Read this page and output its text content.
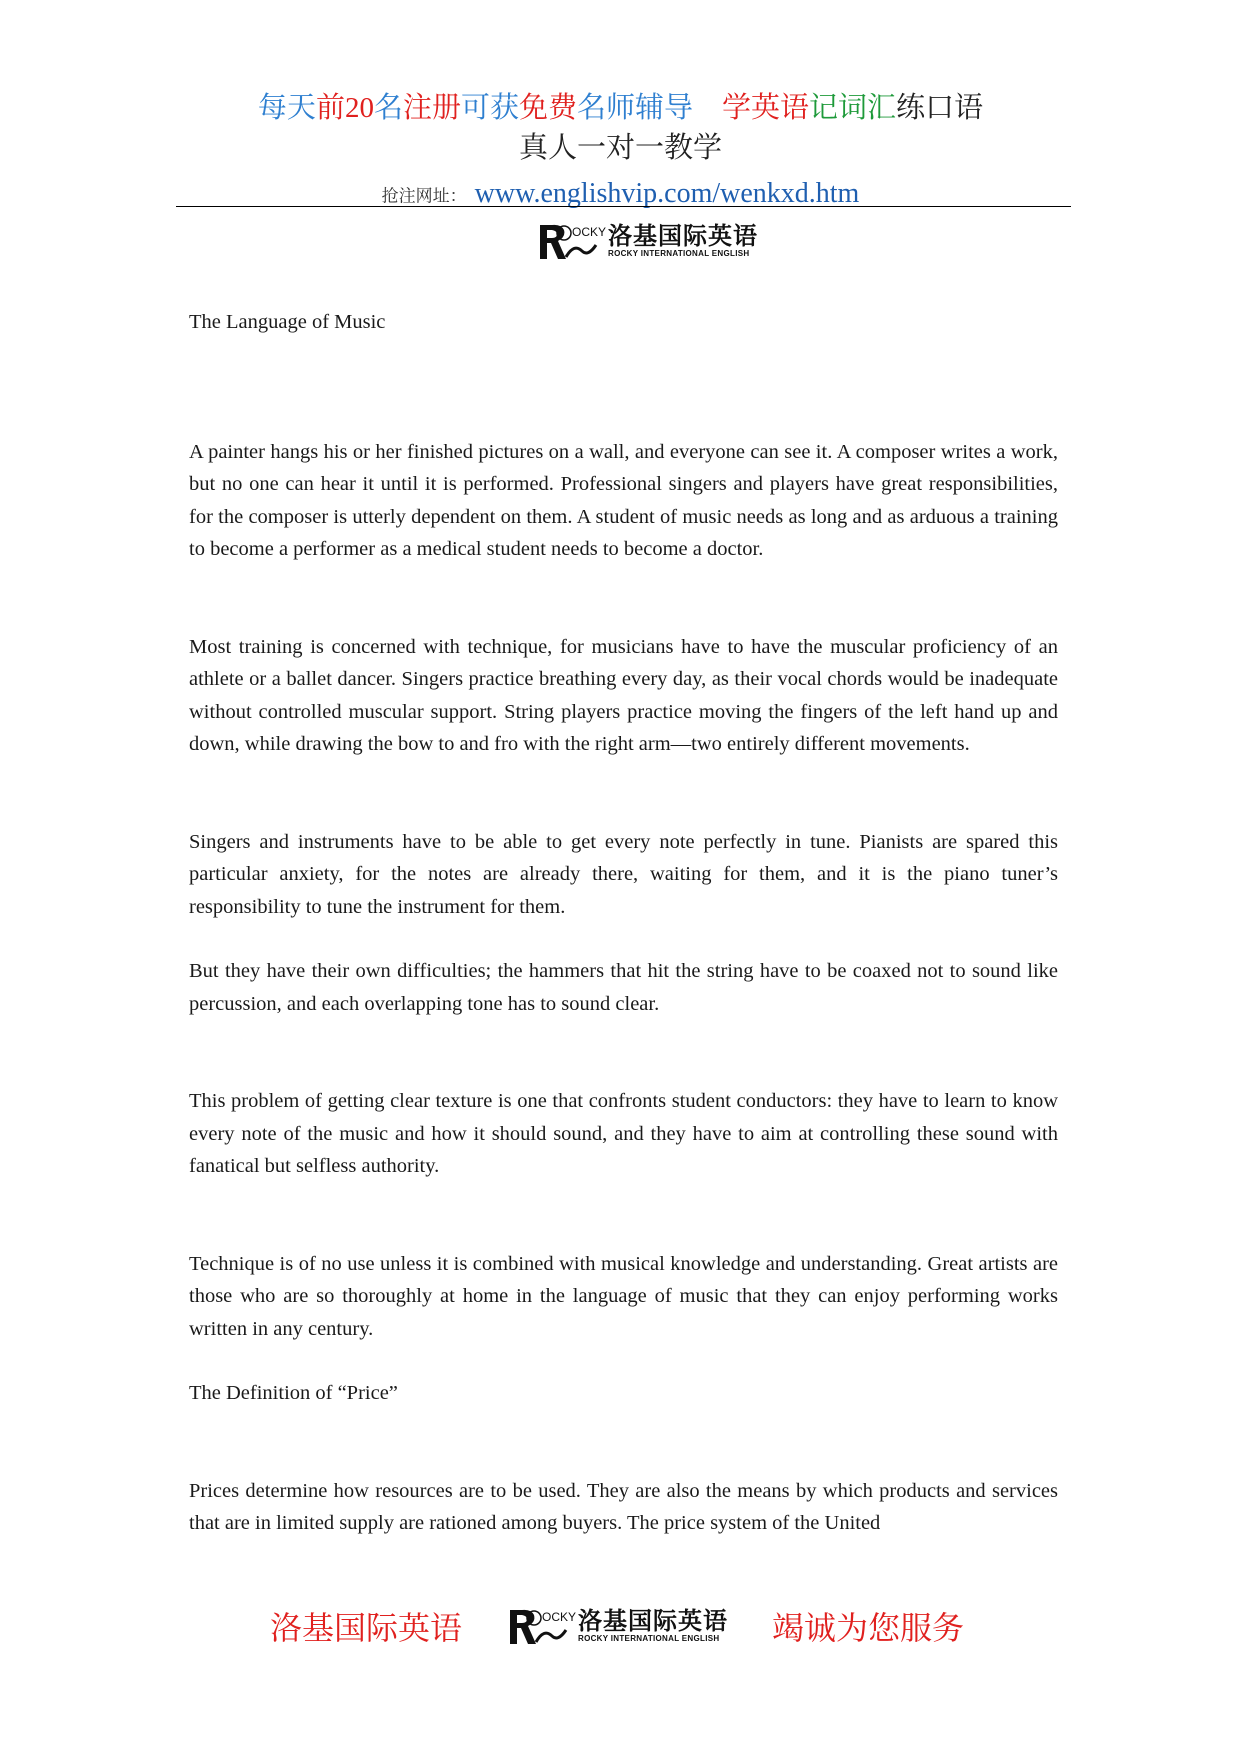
每天前20名注册可获免费名师辅导　学英语记词汇练口语
真人一对一教学
抢注网址： www.englishvip.com/wenkxd.htm
OCKY 洛基国际英语
ROCKY INTERNATIONAL ENGLISH

The Language of Music

A painter hangs his or her finished pictures on a wall, and everyone can see it. A composer writes a work, but no one can hear it until it is performed. Professional singers and players have great responsibilities, for the composer is utterly dependent on them. A student of music needs as long and as arduous a training to become a performer as a medical student needs to become a doctor.

Most training is concerned with technique, for musicians have to have the muscular proficiency of an athlete or a ballet dancer. Singers practice breathing every day, as their vocal chords would be inadequate without controlled muscular support. String players practice moving the fingers of the left hand up and down, while drawing the bow to and fro with the right arm—two entirely different movements.

Singers and instruments have to be able to get every note perfectly in tune. Pianists are spared this particular anxiety, for the notes are already there, waiting for them, and it is the piano tuner’s responsibility to tune the instrument for them.

But they have their own difficulties; the hammers that hit the string have to be coaxed not to sound like percussion, and each overlapping tone has to sound clear.

This problem of getting clear texture is one that confronts student conductors: they have to learn to know every note of the music and how it should sound, and they have to aim at controlling these sound with fanatical but selfless authority.

Technique is of no use unless it is combined with musical knowledge and understanding. Great artists are those who are so thoroughly at home in the language of music that they can enjoy performing works written in any century.

The Definition of “Price”

Prices determine how resources are to be used. They are also the means by which products and services that are in limited supply are rationed among buyers. The price system of the United

洛基国际英语	OCKY 洛基国际英语
ROCKY INTERNATIONAL ENGLISH 竭诚为您服务
